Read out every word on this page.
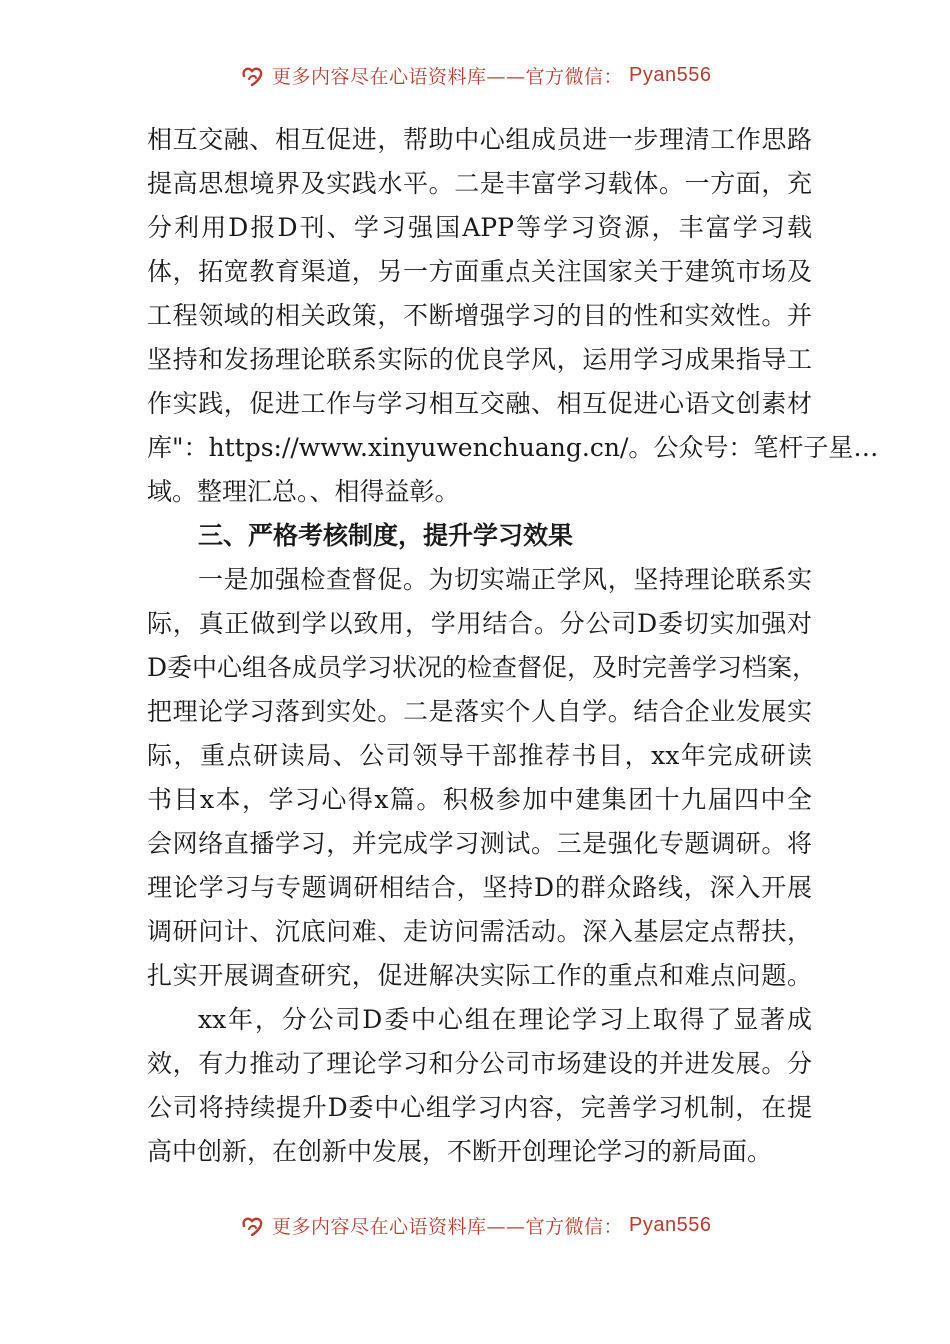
更多内容尽在心语资料库——官方微信： Pyan556
相互交融、相互促进，帮助中心组成员进一步理清工作思路
提高思想境界及实践水平。二是丰富学习载体。一方面，充
分利用D报D刊、学习强国APP等学习资源，丰富学习载
体，拓宽教育渠道，另一方面重点关注国家关于建筑市场及
工程领域的相关政策，不断增强学习的目的性和实效性。并
坚持和发扬理论联系实际的优良学风，运用学习成果指导工
作实践，促进工作与学习相互交融、相互促进心语文创素材
库"：https://www.xinyuwenchuang.cn/。公众号：笔杆子星…
域。整理汇总。、相得益彰。
三、严格考核制度，提升学习效果
一是加强检查督促。为切实端正学风，坚持理论联系实
际，真正做到学以致用，学用结合。分公司D委切实加强对
D委中心组各成员学习状况的检查督促，及时完善学习档案，
把理论学习落到实处。二是落实个人自学。结合企业发展实
际，重点研读局、公司领导干部推荐书目，xx年完成研读
书目x本，学习心得x篇。积极参加中建集团十九届四中全
会网络直播学习，并完成学习测试。三是强化专题调研。将
理论学习与专题调研相结合，坚持D的群众路线，深入开展
调研问计、沉底问难、走访问需活动。深入基层定点帮扶，
扎实开展调查研究，促进解决实际工作的重点和难点问题。
xx年，分公司D委中心组在理论学习上取得了显著成
效，有力推动了理论学习和分公司市场建设的并进发展。分
公司将持续提升D委中心组学习内容，完善学习机制，在提
高中创新，在创新中发展，不断开创理论学习的新局面。
更多内容尽在心语资料库——官方微信： Pyan556
